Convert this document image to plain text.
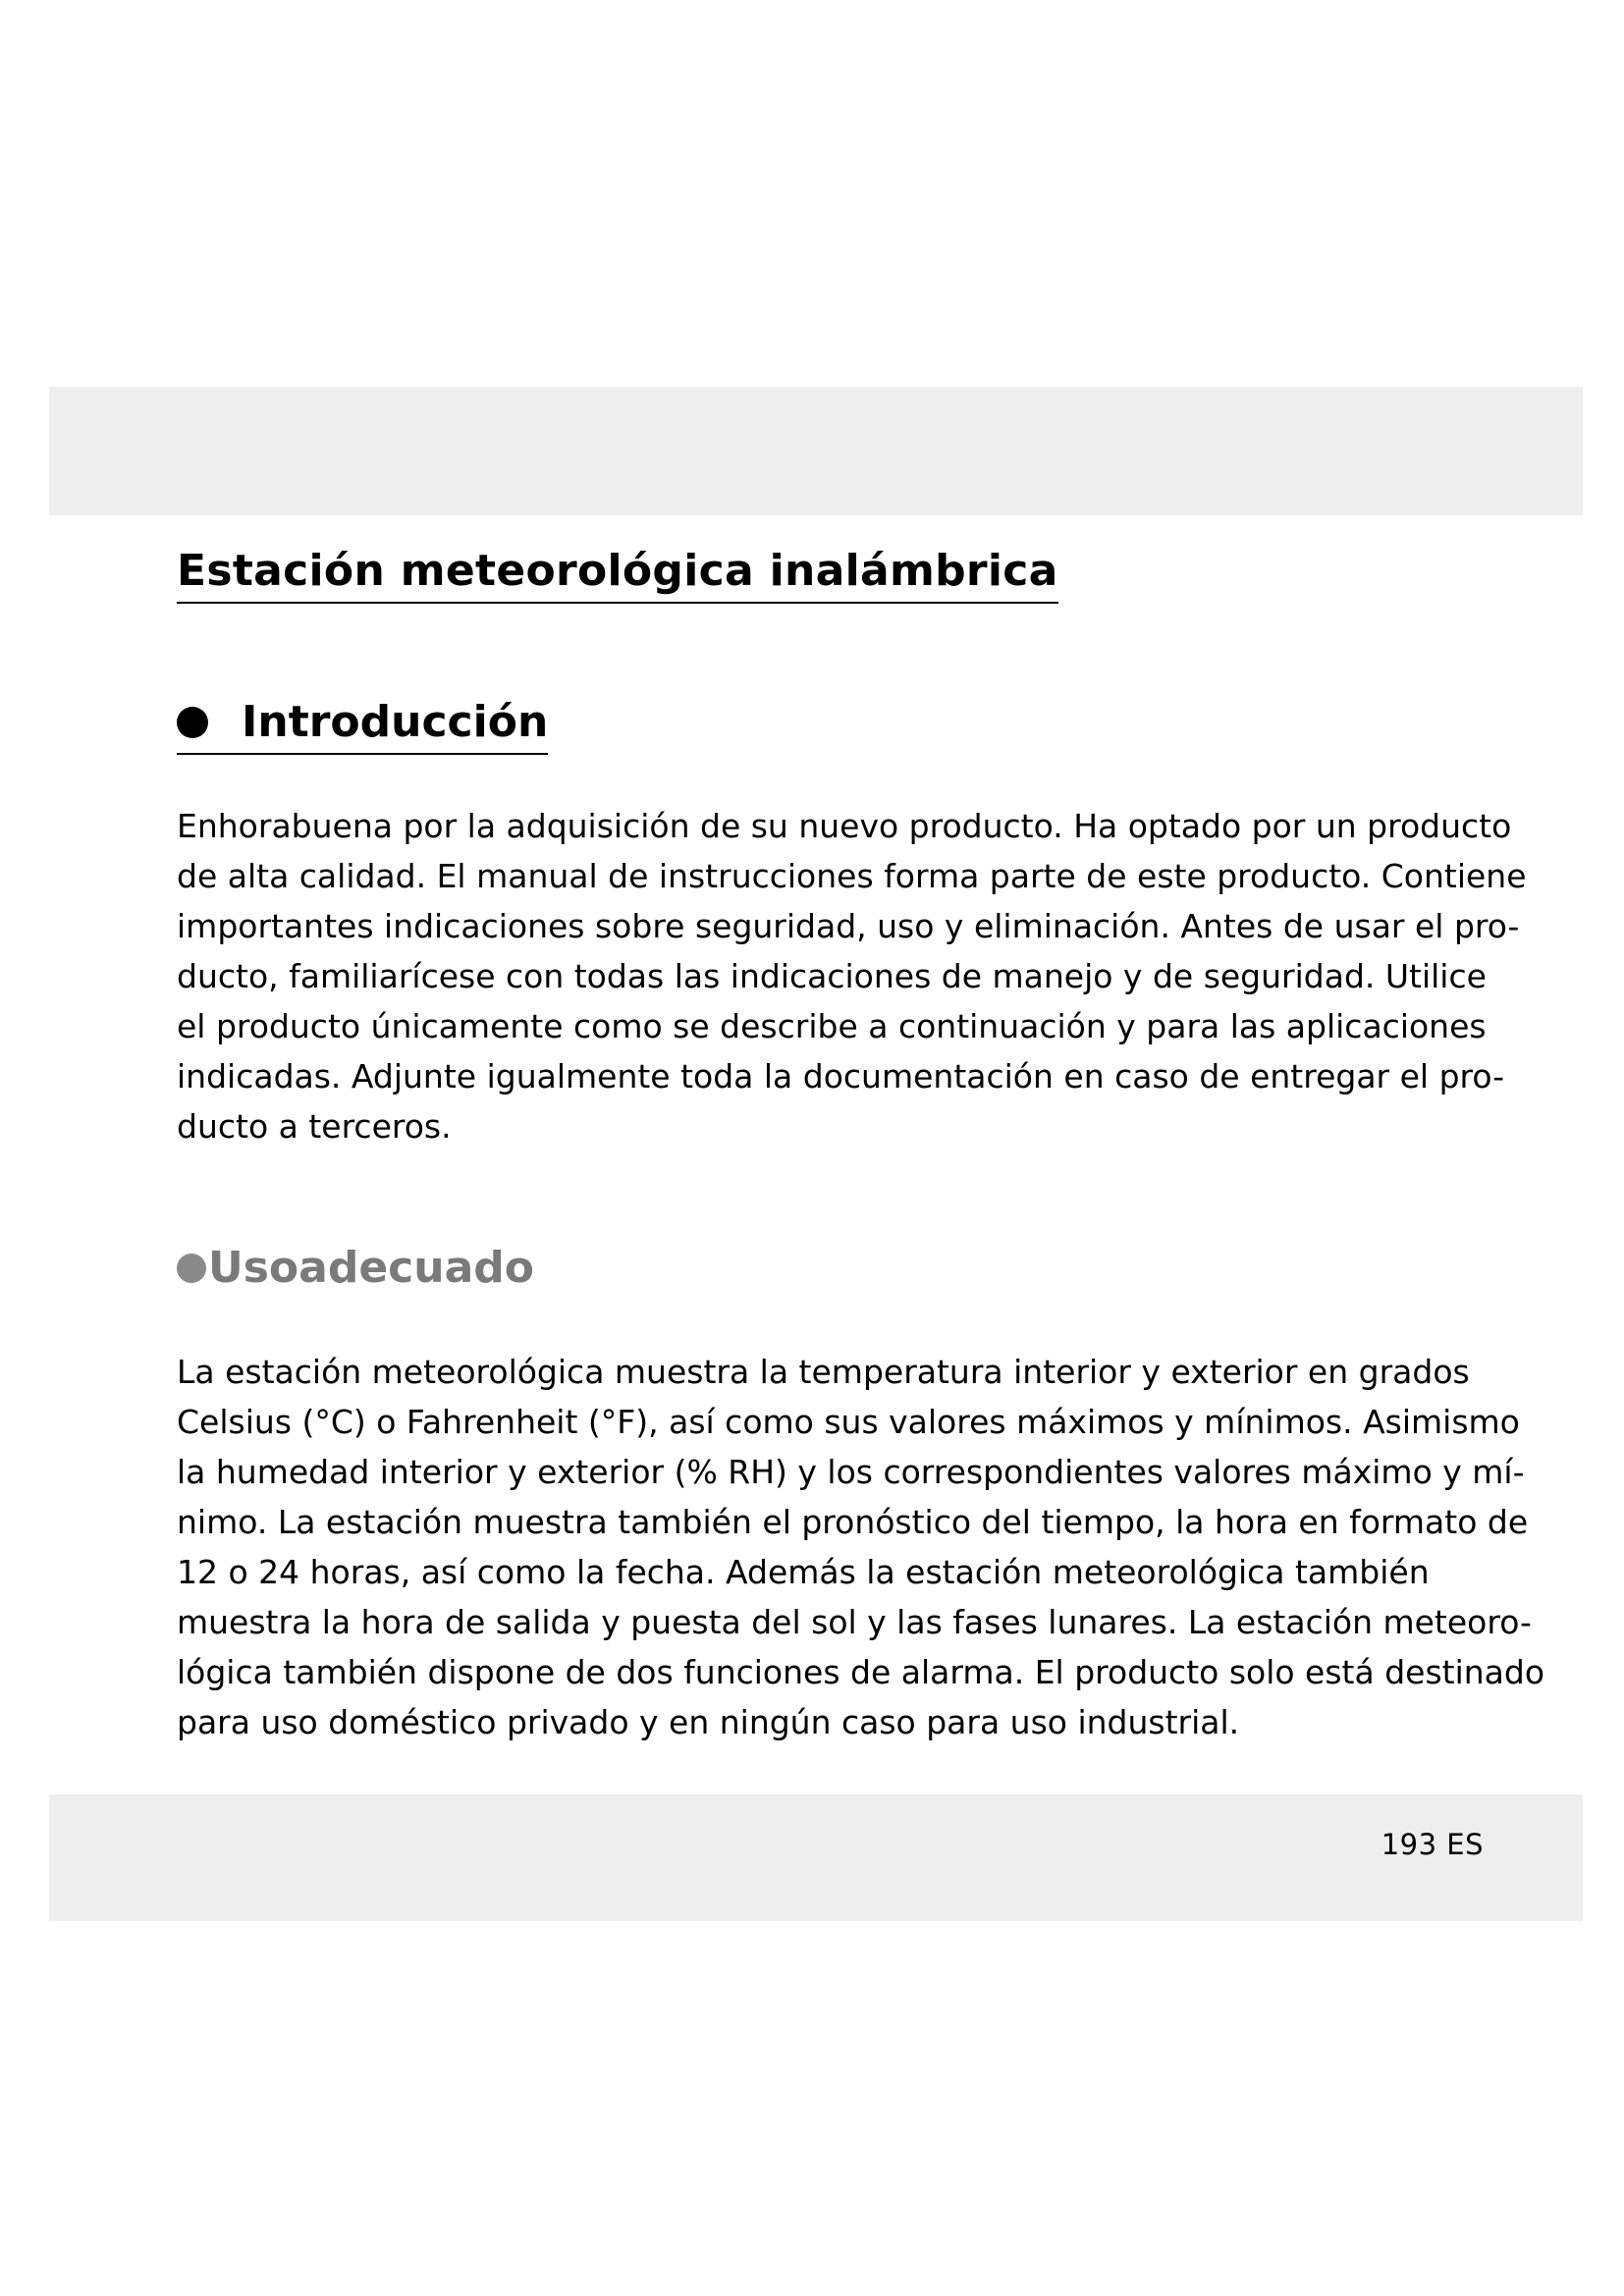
Estación meteorológica inalámbrica
Introducción

Enhorabuena por la adquisición de su nuevo producto. Ha optado por un producto
de alta calidad. El manual de instrucciones forma parte de este producto. Contiene
importantes indicaciones sobre seguridad, uso y eliminación. Antes de usar el pro-
ducto, familiarícese con todas las indicaciones de manejo y de seguridad. Utilice
el producto únicamente como se describe a continuación y para las aplicaciones
indicadas. Adjunte igualmente toda la documentación en caso de entregar el pro-
ducto a terceros.

Usoadecuado

La estación meteorológica muestra la temperatura interior y exterior en grados
Celsius (°C) o Fahrenheit (°F), así como sus valores máximos y mínimos. Asimismo
la humedad interior y exterior (% RH) y los correspondientes valores máximo y mí-
nimo. La estación muestra también el pronóstico del tiempo, la hora en formato de
12 o 24 horas, así como la fecha. Además la estación meteorológica también
muestra la hora de salida y puesta del sol y las fases lunares. La estación meteoro-
lógica también dispone de dos funciones de alarma. El producto solo está destinado
para uso doméstico privado y en ningún caso para uso industrial.

193 ES
